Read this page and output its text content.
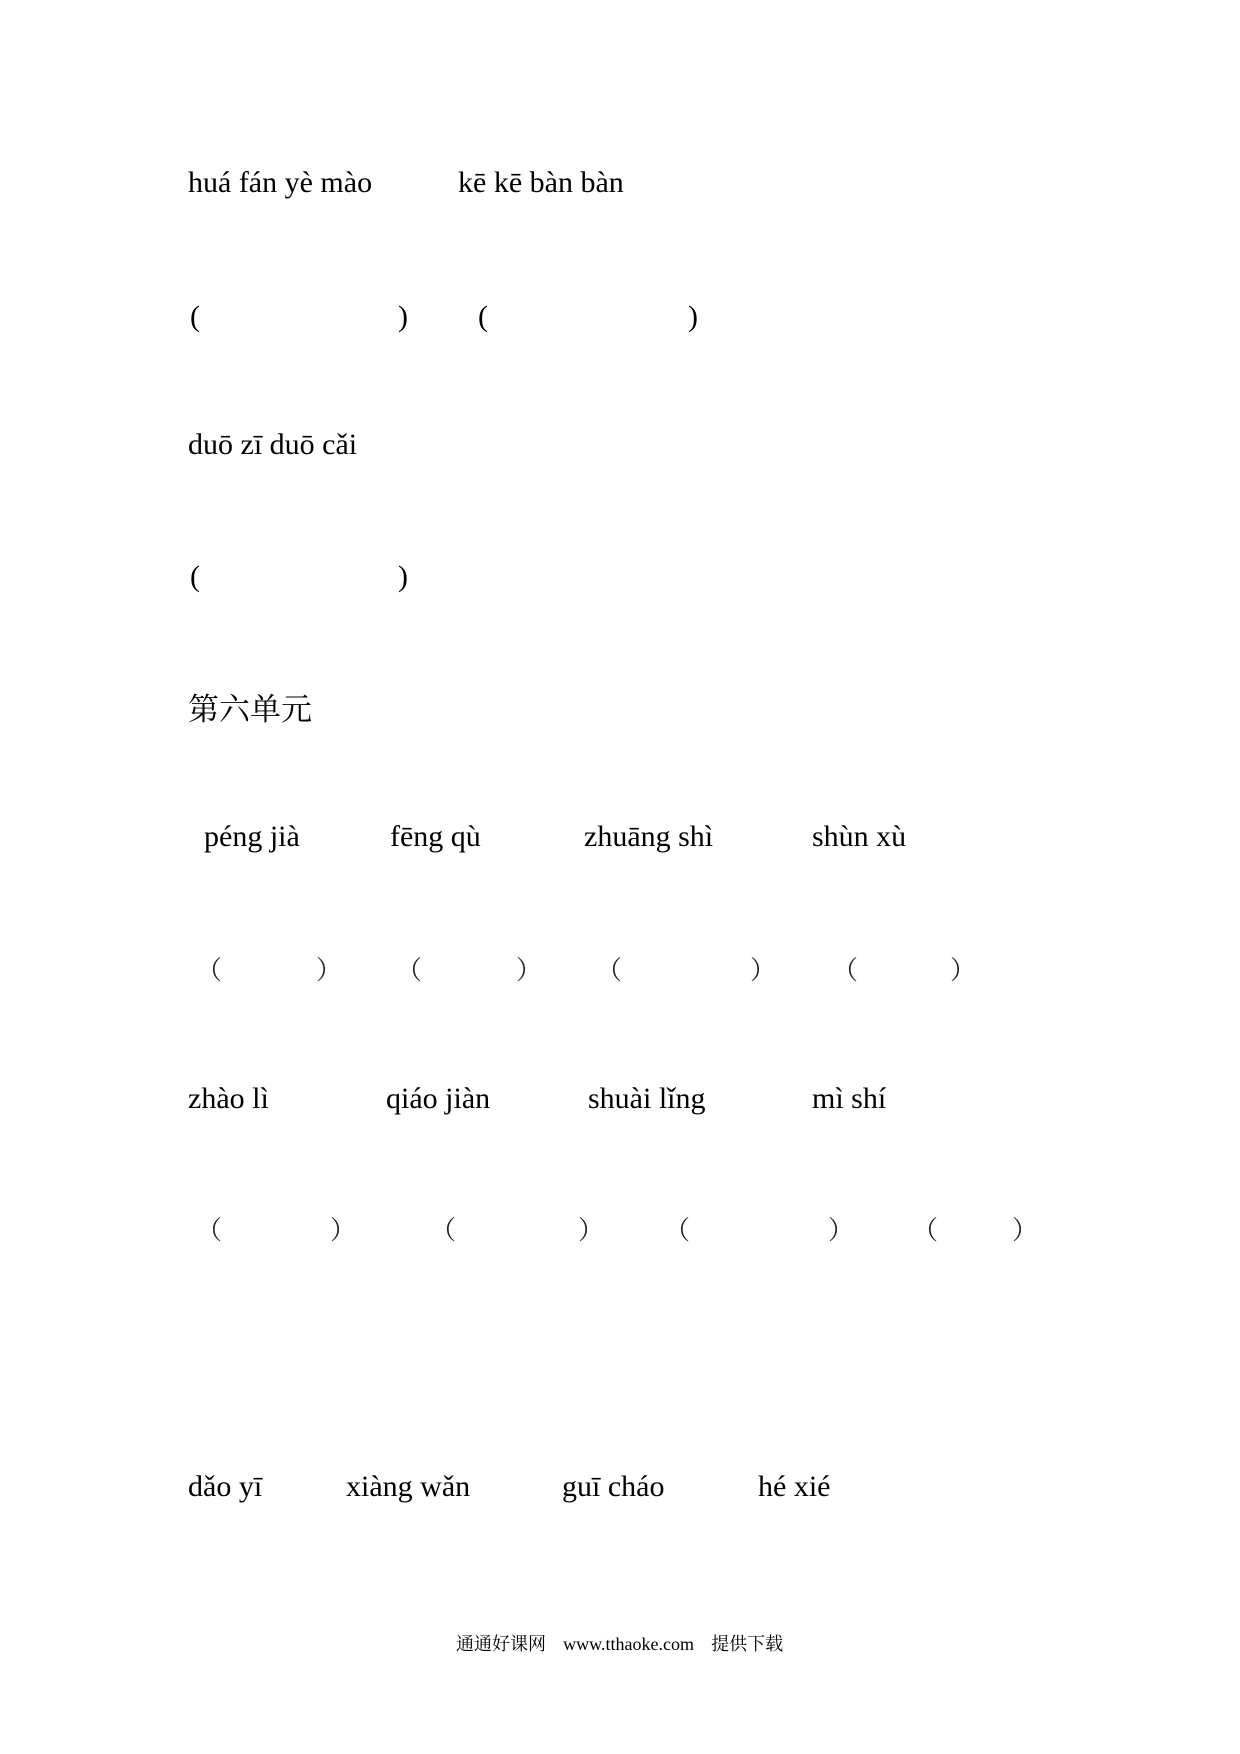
huá fán yè mào	kē kē bàn bàn
(	) (	)
duō zī duō cǎi
(	)
第六单元
péng jià	fēng qù	zhuāng shì	shùn xù
（	） （	） （	） （	）
zhào lì	qiáo jiàn	shuài lǐng	mì shí
（	）	（	） （	） （	）
dǎo yī	xiàng wǎn	guī cháo	hé xié
通通好课网 www.tthaoke.com 提供下载
